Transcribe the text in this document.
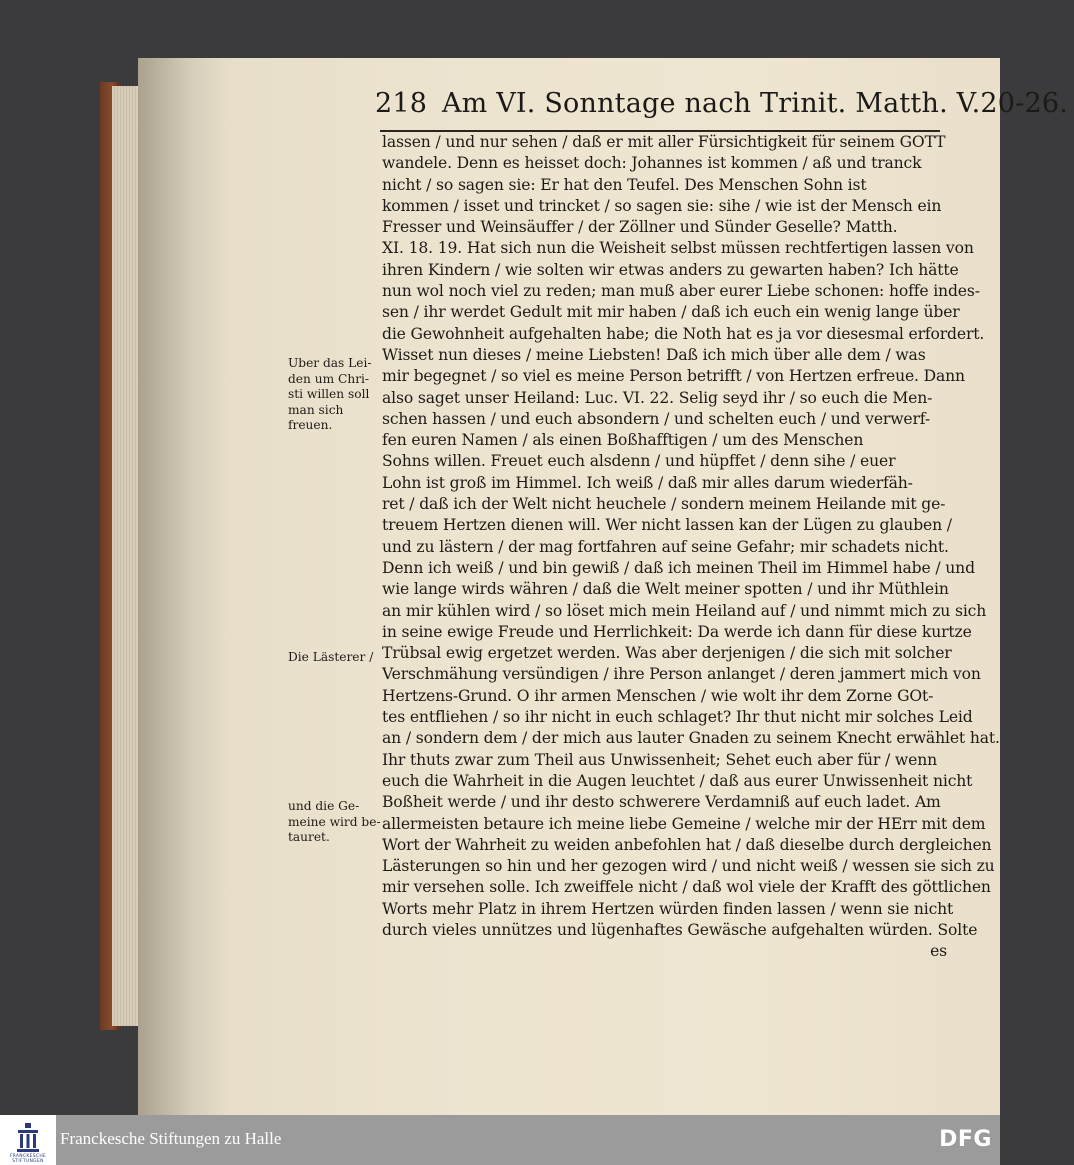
218 Am VI. Sonntage nach Trinit. Matth. V.20-26.
lassen / und nur sehen / daß er mit aller Fürsichtigkeit für seinem GOTT
wandele. Denn es heisset doch: Johannes ist kommen / aß und tranck
nicht / so sagen sie: Er hat den Teufel. Des Menschen Sohn ist
kommen / isset und trincket / so sagen sie: sihe / wie ist der Mensch ein
Fresser und Weinsäuffer / der Zöllner und Sünder Geselle? Matth.
XI. 18. 19. Hat sich nun die Weisheit selbst müssen rechtfertigen lassen von
ihren Kindern / wie solten wir etwas anders zu gewarten haben? Ich hätte
nun wol noch viel zu reden; man muß aber eurer Liebe schonen: hoffe indes-
sen / ihr werdet Gedult mit mir haben / daß ich euch ein wenig lange über
die Gewohnheit aufgehalten habe; die Noth hat es ja vor diesesmal erfordert.
Wisset nun dieses / meine Liebsten! Daß ich mich über alle dem / was
mir begegnet / so viel es meine Person betrifft / von Hertzen erfreue. Dann
also saget unser Heiland: Luc. VI. 22. Selig seyd ihr / so euch die Men-
schen hassen / und euch absondern / und schelten euch / und verwerf-
fen euren Namen / als einen Boßhafftigen / um des Menschen
Sohns willen. Freuet euch alsdenn / und hüpffet / denn sihe / euer
Lohn ist groß im Himmel. Ich weiß / daß mir alles darum wiederfäh-
ret / daß ich der Welt nicht heuchele / sondern meinem Heilande mit ge-
treuem Hertzen dienen will. Wer nicht lassen kan der Lügen zu glauben /
und zu lästern / der mag fortfahren auf seine Gefahr; mir schadets nicht.
Denn ich weiß / und bin gewiß / daß ich meinen Theil im Himmel habe / und
wie lange wirds währen / daß die Welt meiner spotten / und ihr Müthlein
an mir kühlen wird / so löset mich mein Heiland auf / und nimmt mich zu sich
in seine ewige Freude und Herrlichkeit: Da werde ich dann für diese kurtze
Trübsal ewig ergetzet werden. Was aber derjenigen / die sich mit solcher
Verschmähung versündigen / ihre Person anlanget / deren jammert mich von
Hertzens-Grund. O ihr armen Menschen / wie wolt ihr dem Zorne GOt-
tes entfliehen / so ihr nicht in euch schlaget? Ihr thut nicht mir solches Leid
an / sondern dem / der mich aus lauter Gnaden zu seinem Knecht erwählet hat.
Ihr thuts zwar zum Theil aus Unwissenheit; Sehet euch aber für / wenn
euch die Wahrheit in die Augen leuchtet / daß aus eurer Unwissenheit nicht
Boßheit werde / und ihr desto schwerere Verdamniß auf euch ladet. Am
allermeisten betaure ich meine liebe Gemeine / welche mir der HErr mit dem
Wort der Wahrheit zu weiden anbefohlen hat / daß dieselbe durch dergleichen
Lästerungen so hin und her gezogen wird / und nicht weiß / wessen sie sich zu
mir versehen solle. Ich zweiffele nicht / daß wol viele der Krafft des göttlichen
Worts mehr Platz in ihrem Hertzen würden finden lassen / wenn sie nicht
durch vieles unnützes und lügenhaftes Gewäsche aufgehalten würden. Solte
es
Uber das Lei-
den um Chri-
sti willen soll
man sich
freuen.
Die Lästerer /
und die Ge-
meine wird be-
tauret.
FRANCKESCHE STIFTUNGEN
Franckesche Stiftungen zu Halle	DFG
